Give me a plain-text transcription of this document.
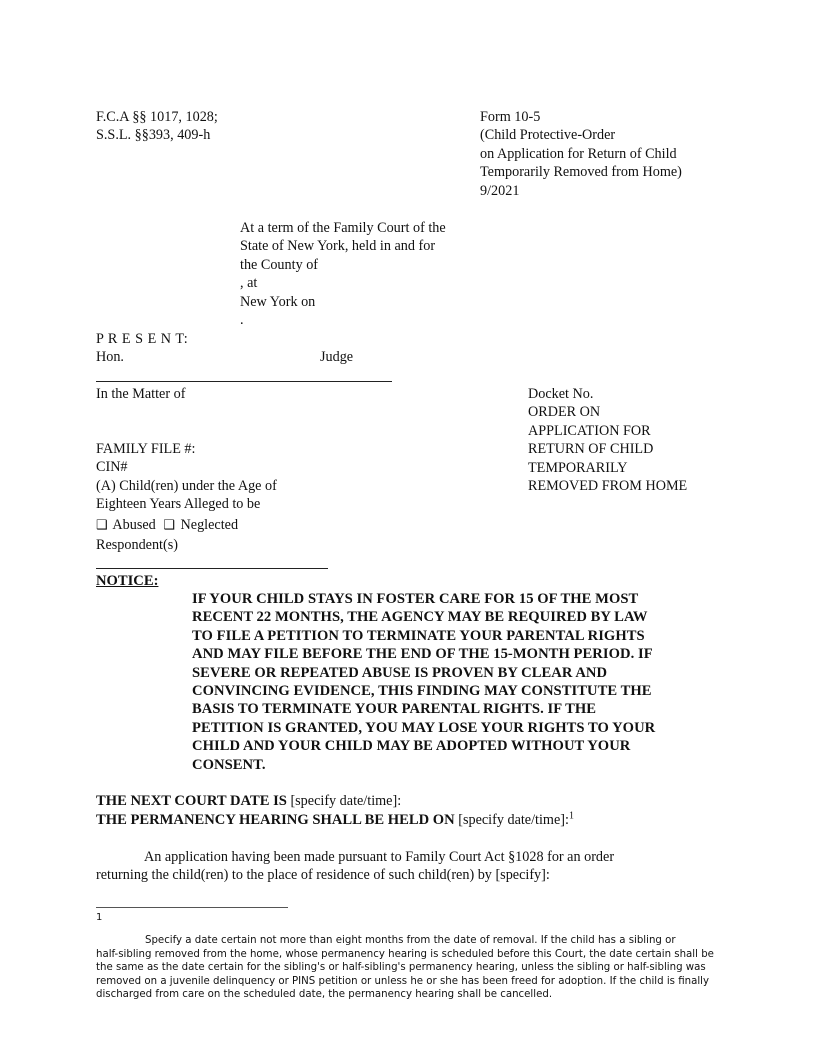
F.C.A §§ 1017, 1028;
S.S.L. §§393, 409-h
Form 10-5
(Child Protective-Order
on Application for Return of Child
Temporarily Removed from Home)
9/2021
At a term of the Family Court of the
State of New York, held in and for
the County of
, at
New York on
.
P R E S E N T:
Hon.	Judge
In the Matter of
FAMILY FILE #:
CIN#
(A) Child(ren) under the Age of
Eighteen Years Alleged to be
❑ Abused ❑ Neglected
Respondent(s)
Docket No.
ORDER ON
APPLICATION FOR
RETURN OF CHILD
TEMPORARILY
REMOVED FROM HOME
NOTICE:
IF YOUR CHILD STAYS IN FOSTER CARE FOR 15 OF THE MOST
RECENT 22 MONTHS, THE AGENCY MAY BE REQUIRED BY LAW
TO FILE A PETITION TO TERMINATE YOUR PARENTAL RIGHTS
AND MAY FILE BEFORE THE END OF THE 15-MONTH PERIOD. IF
SEVERE OR REPEATED ABUSE IS PROVEN BY CLEAR AND
CONVINCING EVIDENCE, THIS FINDING MAY CONSTITUTE THE
BASIS TO TERMINATE YOUR PARENTAL RIGHTS. IF THE
PETITION IS GRANTED, YOU MAY LOSE YOUR RIGHTS TO YOUR
CHILD AND YOUR CHILD MAY BE ADOPTED WITHOUT YOUR
CONSENT.
THE NEXT COURT DATE IS [specify date/time]:
THE PERMANENCY HEARING SHALL BE HELD ON [specify date/time]:$^1$
An application having been made pursuant to Family Court Act §1028 for an order
returning the child(ren) to the place of residence of such child(ren) by [specify]:
1
Specify a date certain not more than eight months from the date of removal. If the child has a sibling or
half-sibling removed from the home, whose permanency hearing is scheduled before this Court, the date certain shall be
the same as the date certain for the sibling's or half-sibling's permanency hearing, unless the sibling or half-sibling was
removed on a juvenile delinquency or PINS petition or unless he or she has been freed for adoption. If the child is finally
discharged from care on the scheduled date, the permanency hearing shall be cancelled.
